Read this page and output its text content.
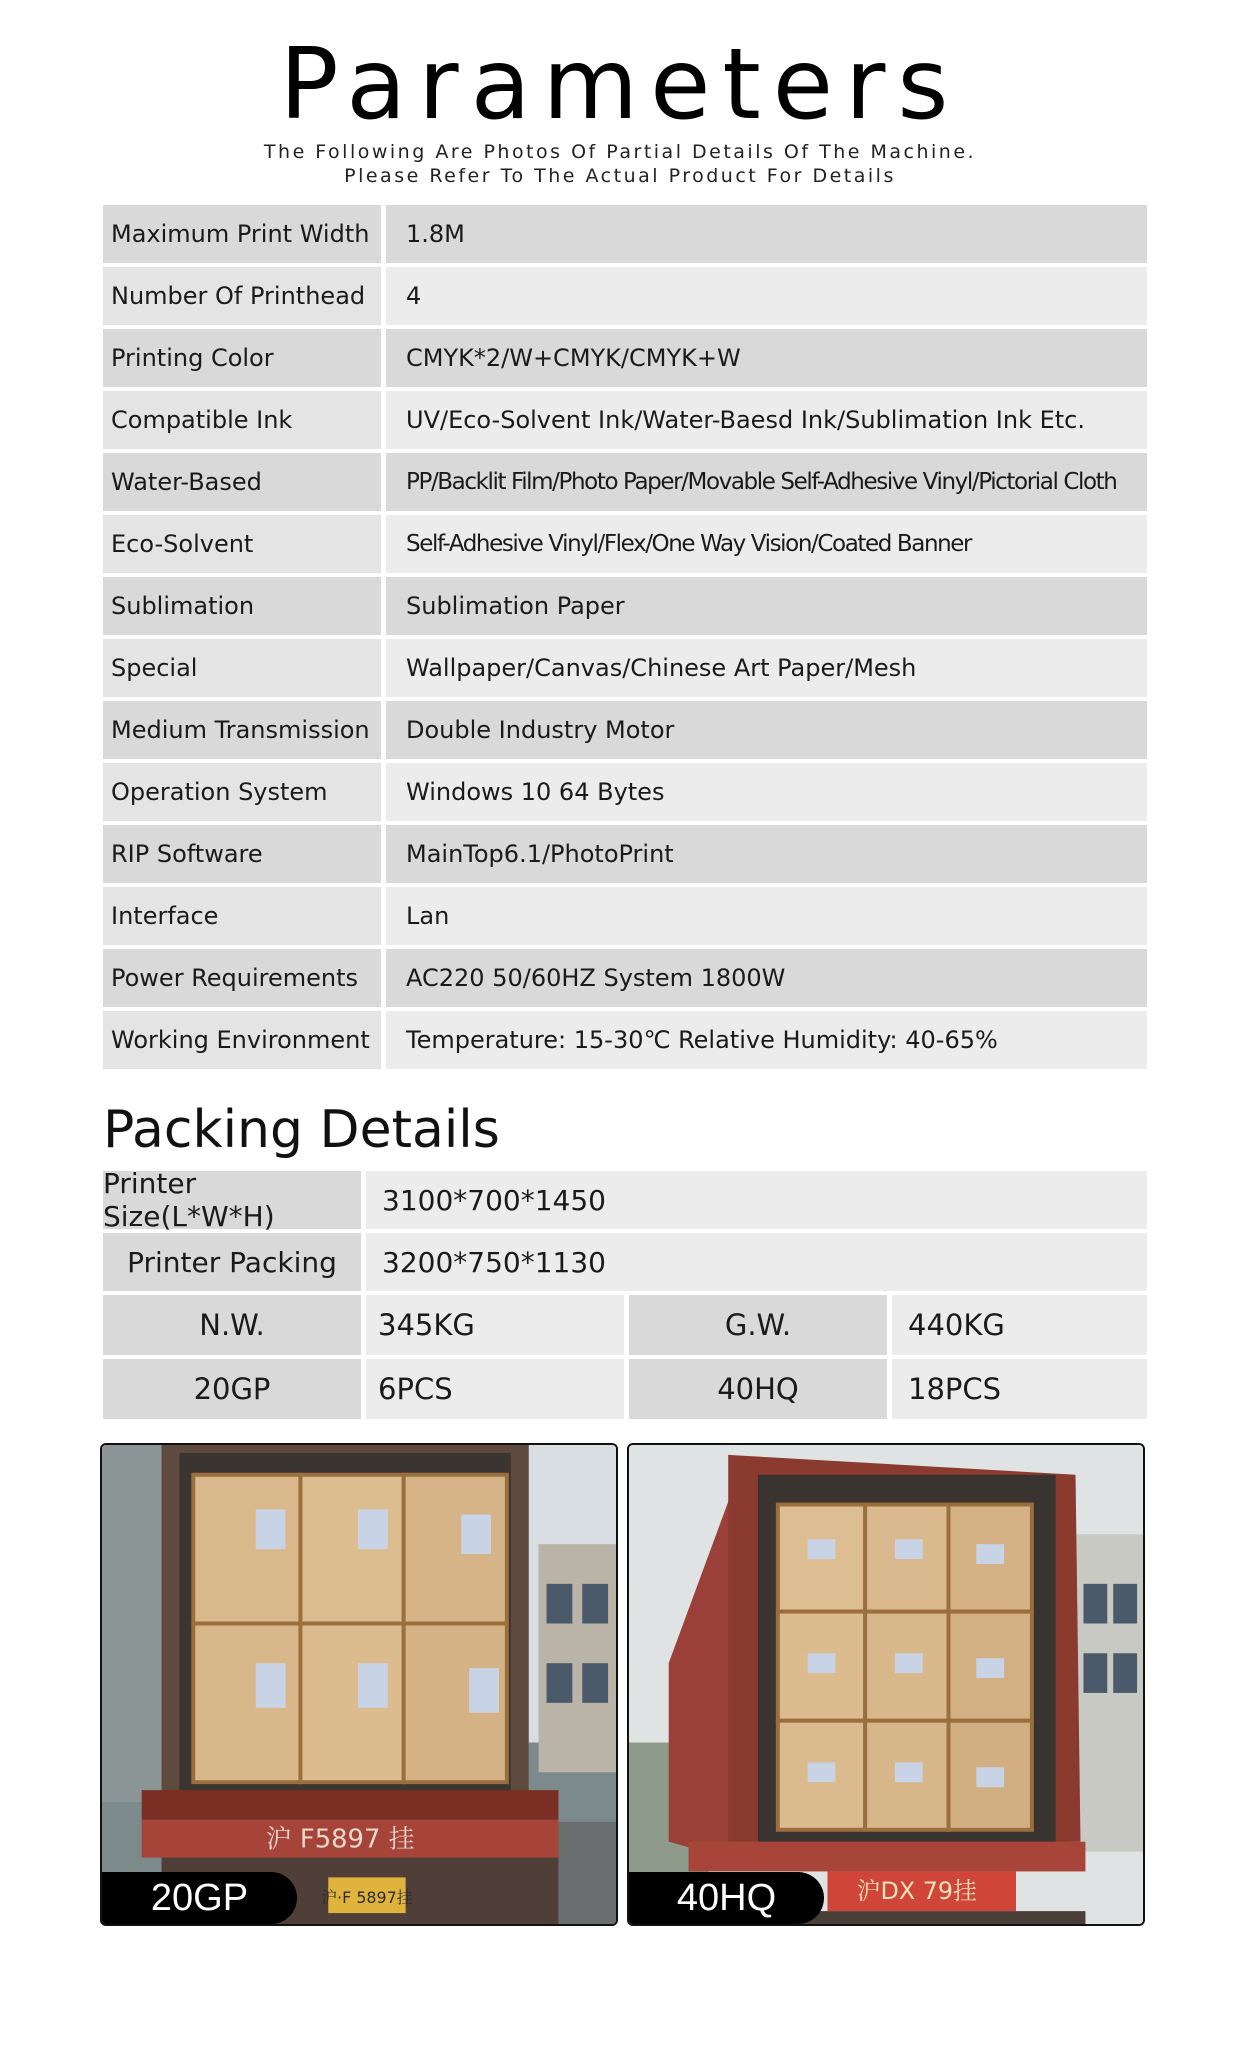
Parameters
The Following Are Photos Of Partial Details Of The Machine.
Please Refer To The Actual Product For Details
Maximum Print Width	1.8M
Number Of Printhead	4
Printing Color	CMYK*2/W+CMYK/CMYK+W
Compatible Ink	UV/Eco-Solvent Ink/Water-Baesd Ink/Sublimation Ink Etc.
Water-Based	PP/Backlit Film/Photo Paper/Movable Self-Adhesive Vinyl/Pictorial Cloth
Eco-Solvent	Self-Adhesive Vinyl/Flex/One Way Vision/Coated Banner
Sublimation	Sublimation Paper
Special	Wallpaper/Canvas/Chinese Art Paper/Mesh
Medium Transmission	Double Industry Motor
Operation System	Windows 10 64 Bytes
RIP Software	MainTop6.1/PhotoPrint
Interface	Lan
Power Requirements	AC220 50/60HZ System 1800W
Working Environment	Temperature: 15-30℃ Relative Humidity: 40-65%
Packing Details
Printer Size(L*W*H)	3100*700*1450
Printer Packing	3200*750*1130
N.W.	345KG	G.W.	440KG
20GP	6PCS	40HQ	18PCS
沪 F5897 挂
沪·F 5897挂
20GP	沪DX 79挂
40HQ
